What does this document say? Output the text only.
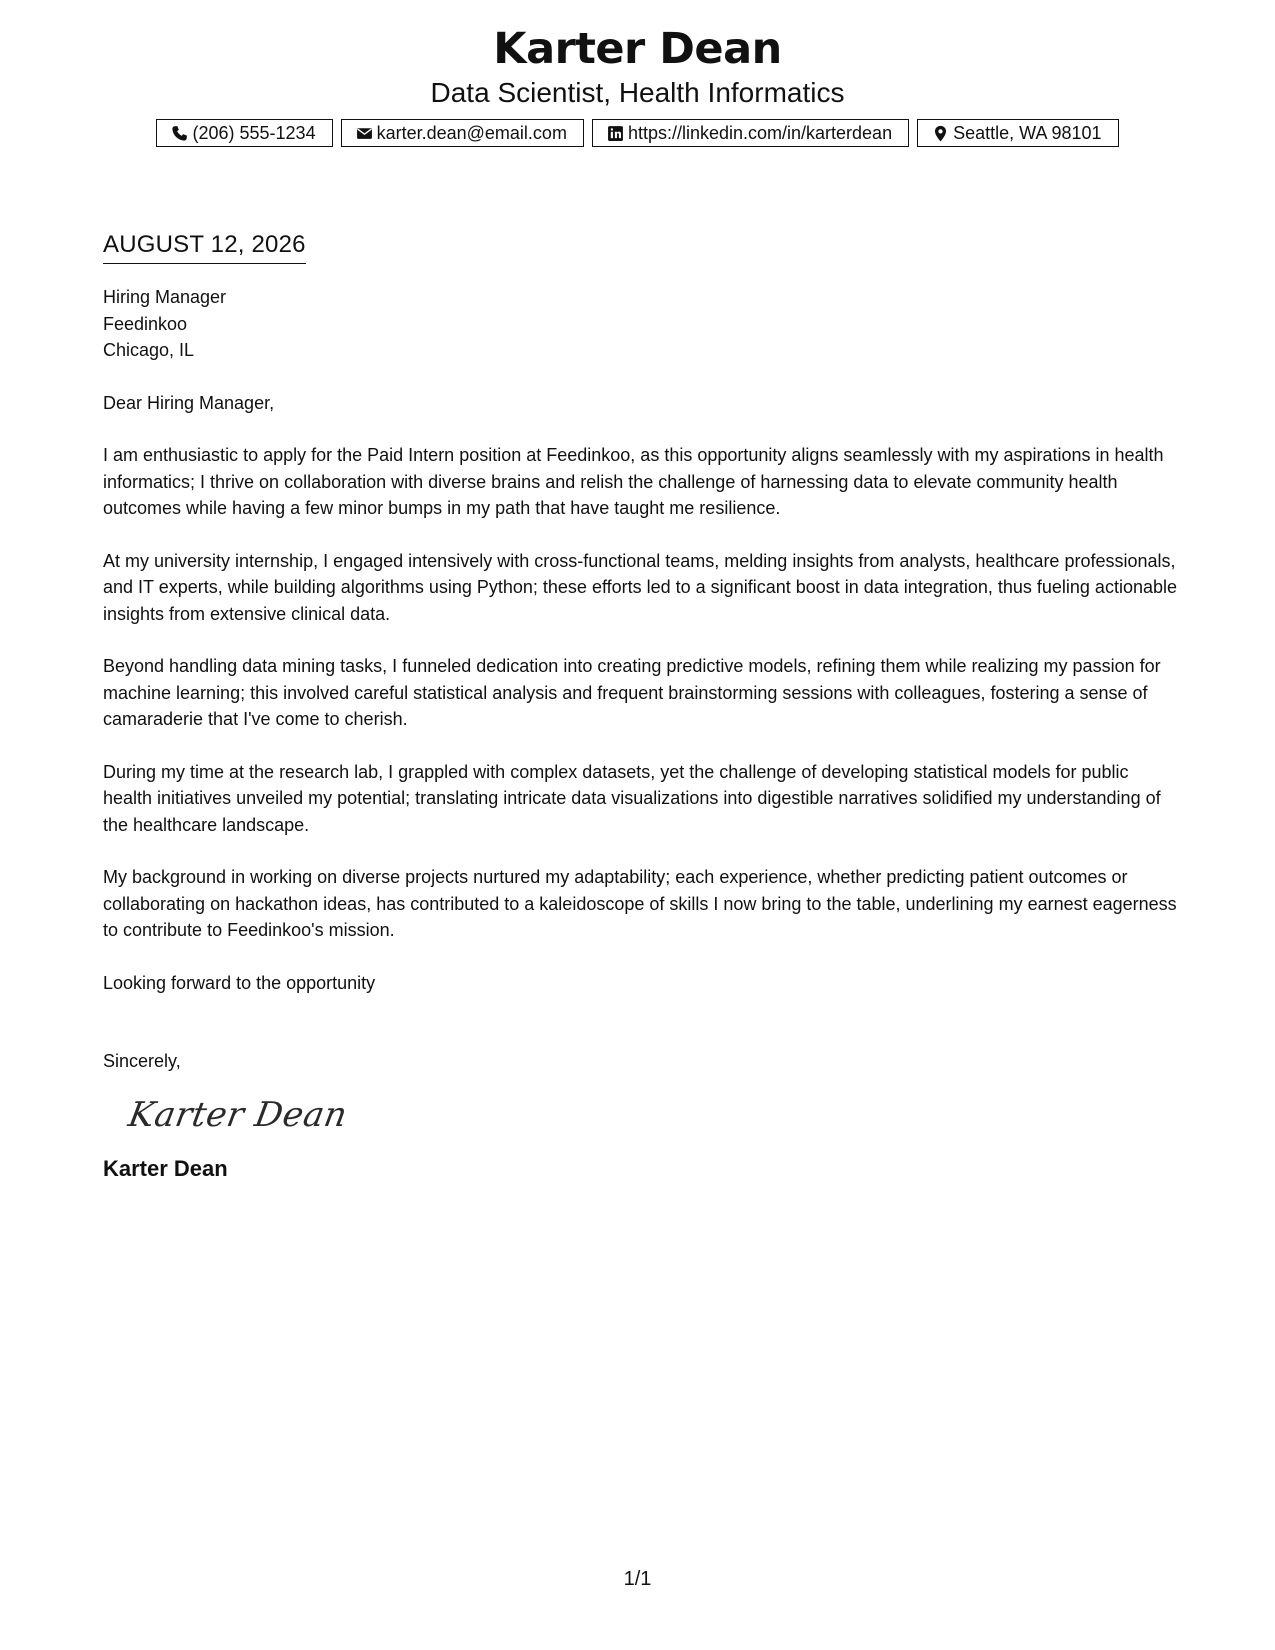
Karter Dean
Data Scientist, Health Informatics
(206) 555-1234	karter.dean@email.com	https://linkedin.com/in/karterdean	Seattle, WA 98101
AUGUST 12, 2026
Hiring Manager
Feedinkoo
Chicago, IL
Dear Hiring Manager,
I am enthusiastic to apply for the Paid Intern position at Feedinkoo, as this opportunity aligns seamlessly with my aspirations in health informatics; I thrive on collaboration with diverse brains and relish the challenge of harnessing data to elevate community health outcomes while having a few minor bumps in my path that have taught me resilience.
At my university internship, I engaged intensively with cross-functional teams, melding insights from analysts, healthcare professionals, and IT experts, while building algorithms using Python; these efforts led to a significant boost in data integration, thus fueling actionable insights from extensive clinical data.
Beyond handling data mining tasks, I funneled dedication into creating predictive models, refining them while realizing my passion for machine learning; this involved careful statistical analysis and frequent brainstorming sessions with colleagues, fostering a sense of camaraderie that I've come to cherish.
During my time at the research lab, I grappled with complex datasets, yet the challenge of developing statistical models for public health initiatives unveiled my potential; translating intricate data visualizations into digestible narratives solidified my understanding of the healthcare landscape.
My background in working on diverse projects nurtured my adaptability; each experience, whether predicting patient outcomes or collaborating on hackathon ideas, has contributed to a kaleidoscope of skills I now bring to the table, underlining my earnest eagerness to contribute to Feedinkoo's mission.
Looking forward to the opportunity
Sincerely,
Karter Dean
Karter Dean
1/1
